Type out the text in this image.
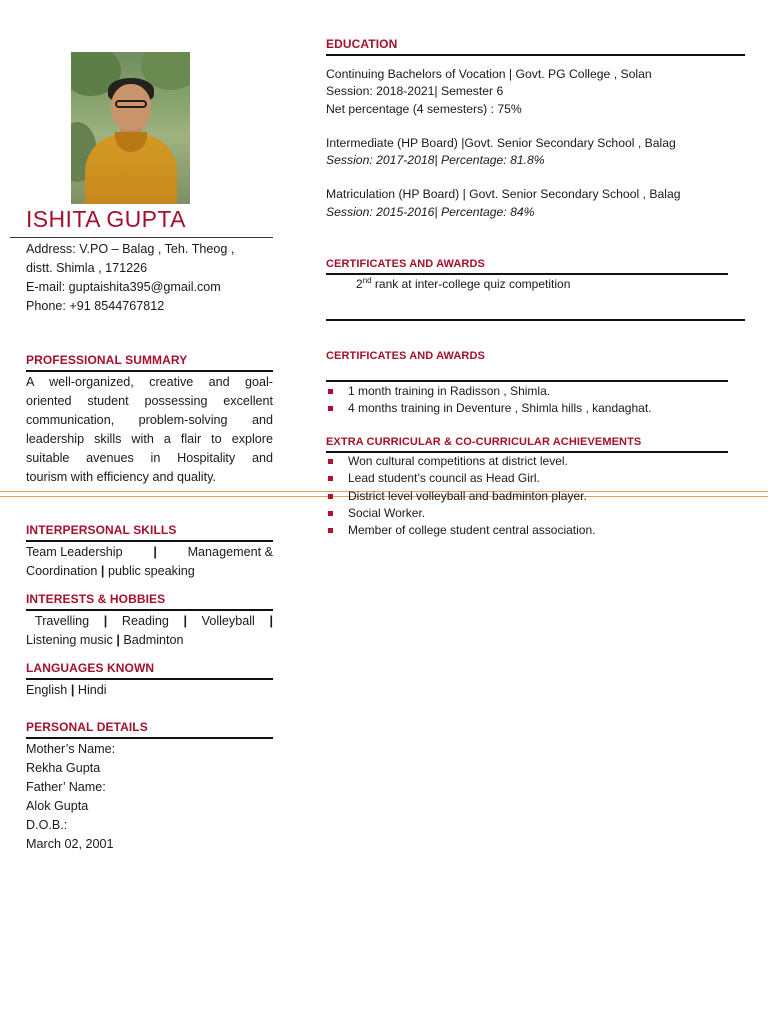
ISHITA GUPTA
Address: V.PO – Balag , Teh. Theog ,
distt. Shimla , 171226
E-mail: guptaishita395@gmail.com
Phone: +91 8544767812
PROFESSIONAL SUMMARY
A well-organized, creative and goal-
oriented student possessing excellent
communication, problem-solving and
leadership skills with a flair to explore
suitable avenues in Hospitality and
tourism with efficiency and quality.
INTERPERSONAL SKILLS
Team Leadership | Management &
Coordination | public speaking
INTERESTS & HOBBIES
Travelling | Reading | Volleyball |
Listening music | Badminton
LANGUAGES KNOWN
English | Hindi
PERSONAL DETAILS
Mother’s Name:
Rekha Gupta
Father’ Name:
Alok Gupta
D.O.B.:
March 02, 2001
EDUCATION
Continuing Bachelors of Vocation | Govt. PG College , Solan
Session: 2018-2021| Semester 6
Net percentage (4 semesters) : 75%
Intermediate (HP Board) |Govt. Senior Secondary School , Balag
Session: 2017-2018| Percentage: 81.8%
Matriculation (HP Board) | Govt. Senior Secondary School , Balag
Session: 2015-2016| Percentage: 84%
CERTIFICATES AND AWARDS
2nd rank at inter-college quiz competition
CERTIFICATES AND AWARDS
1 month training in Radisson , Shimla.
4 months training in Deventure , Shimla hills , kandaghat.
EXTRA CURRICULAR & CO-CURRICULAR ACHIEVEMENTS
Won cultural competitions at district level.
Lead student’s council as Head Girl.
District level volleyball and badminton player.
Social Worker.
Member of college student central association.
